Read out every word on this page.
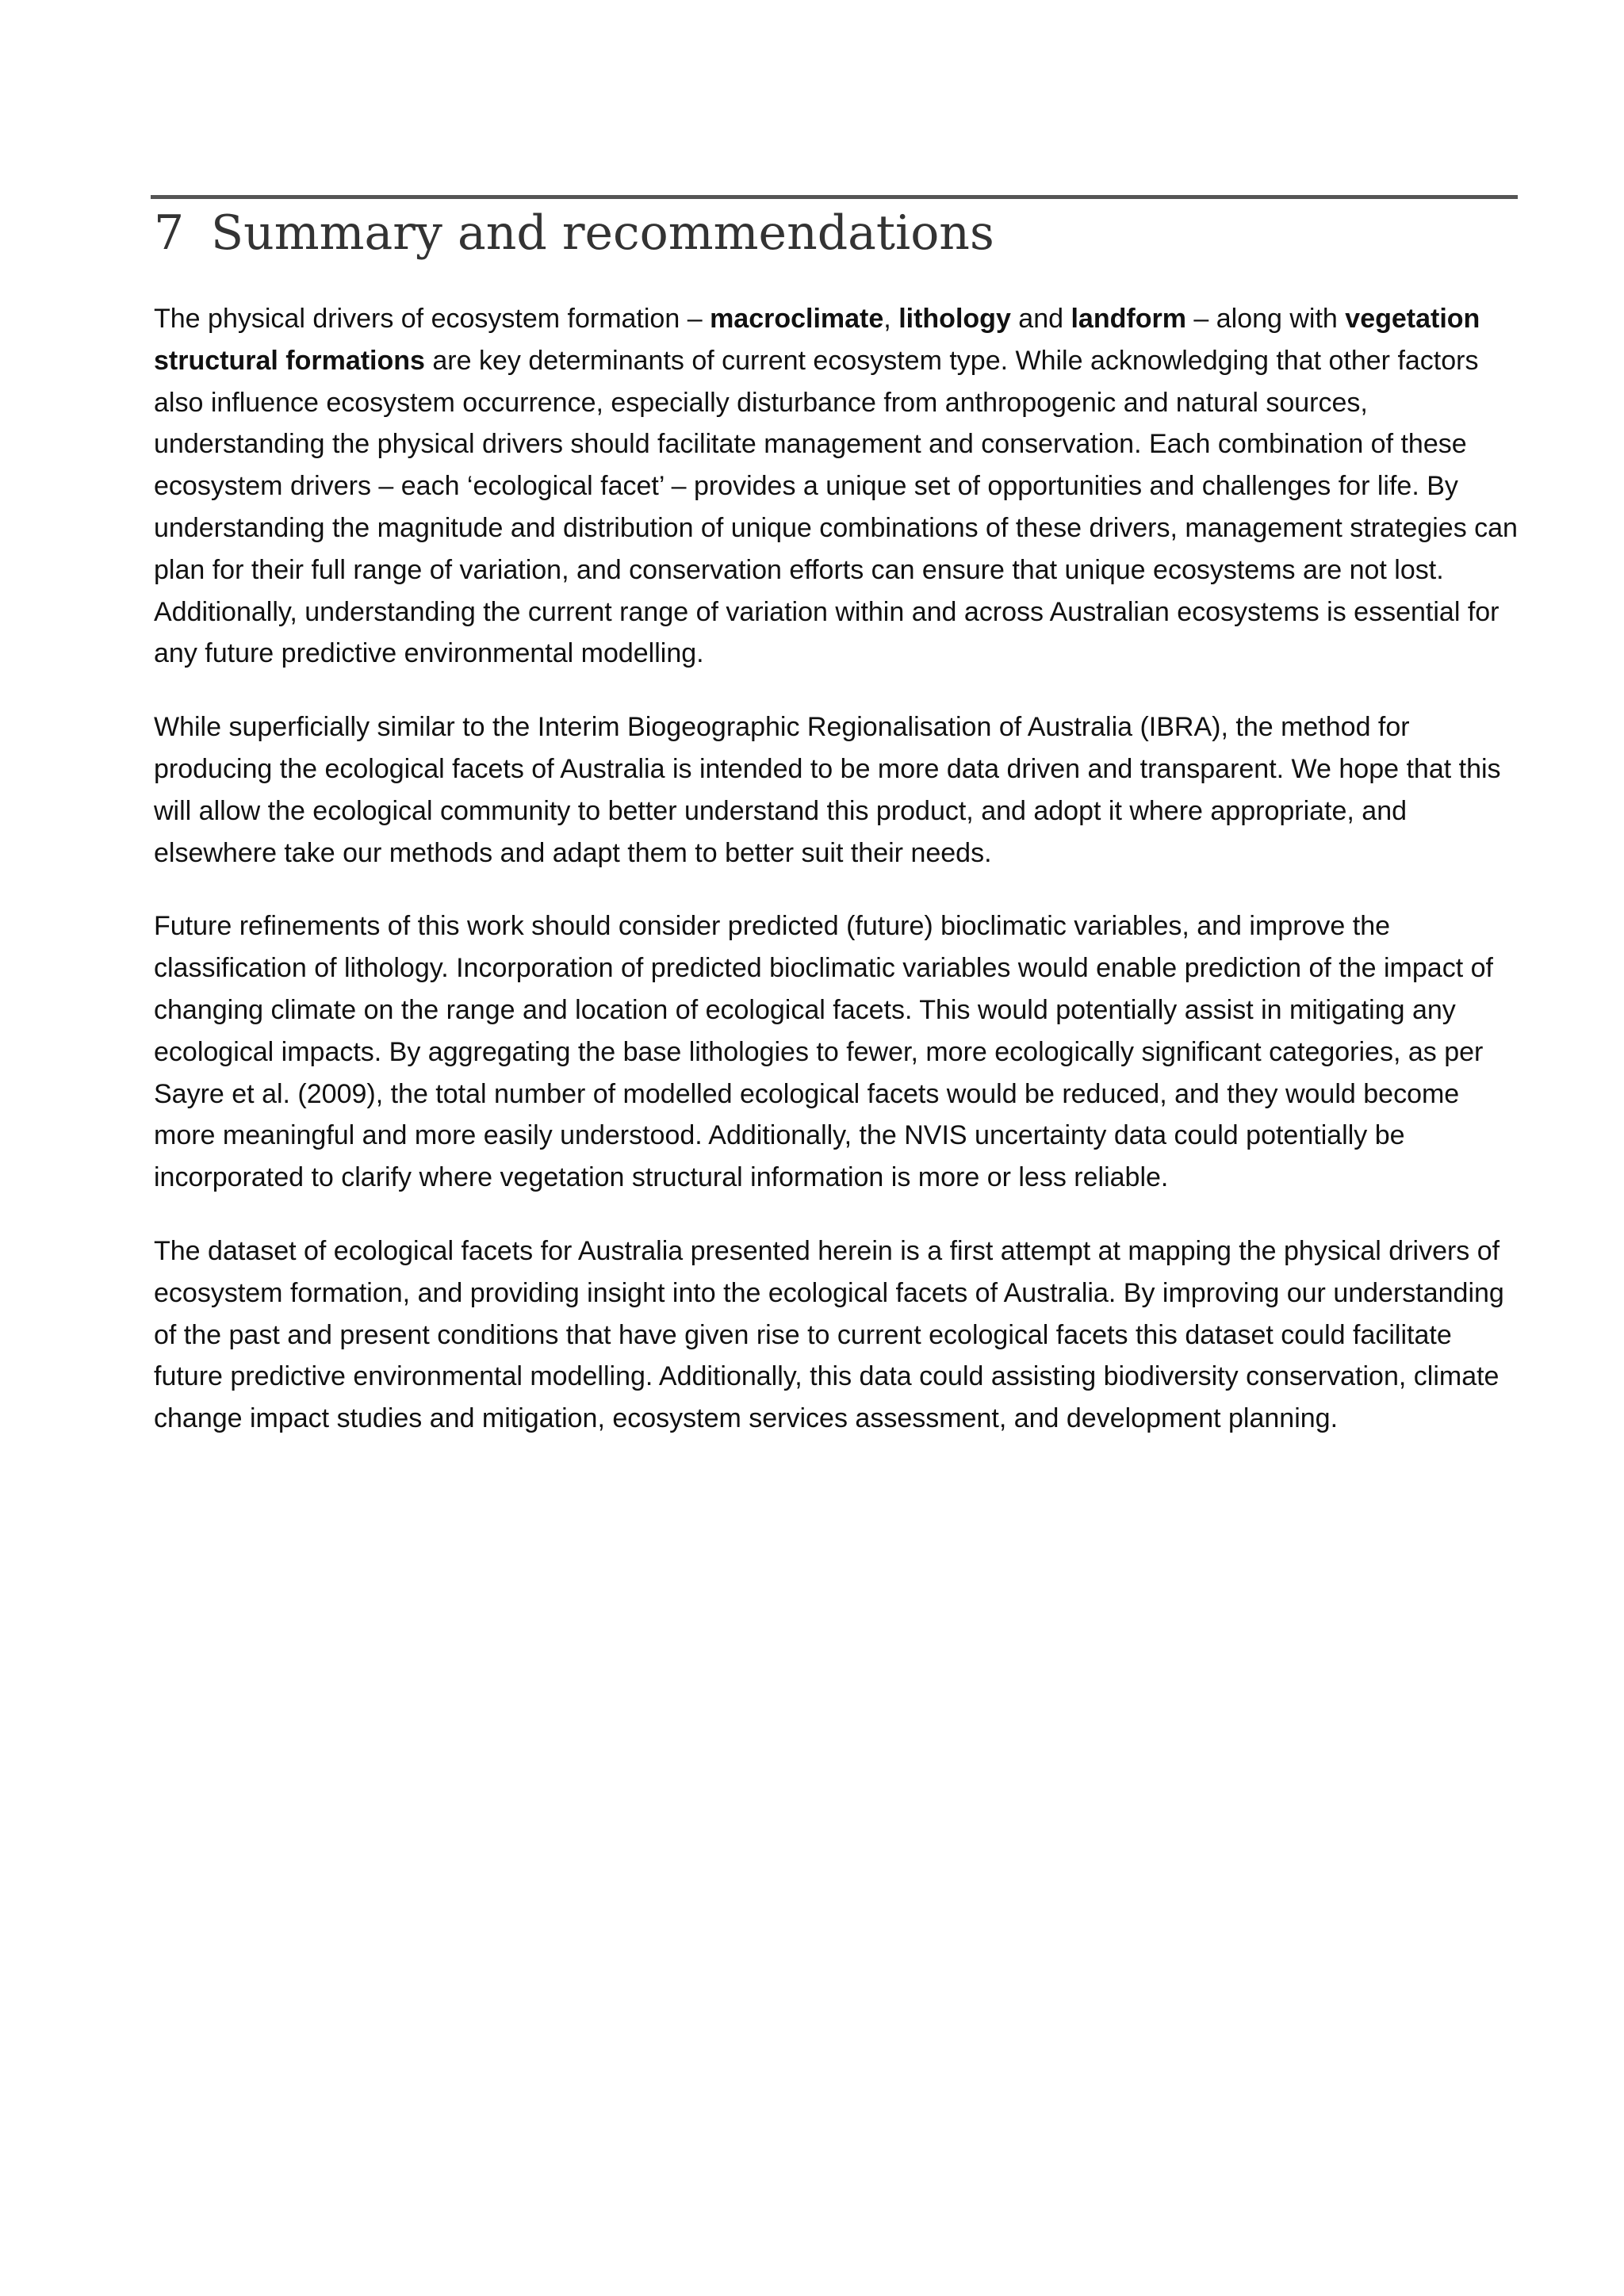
7 Summary and recommendations

The physical drivers of ecosystem formation – macroclimate, lithology and landform – along with vegetation structural formations are key determinants of current ecosystem type. While acknowledging that other factors also influence ecosystem occurrence, especially disturbance from anthropogenic and natural sources, understanding the physical drivers should facilitate management and conservation. Each combination of these ecosystem drivers – each ‘ecological facet’ – provides a unique set of opportunities and challenges for life. By understanding the magnitude and distribution of unique combinations of these drivers, management strategies can plan for their full range of variation, and conservation efforts can ensure that unique ecosystems are not lost. Additionally, understanding the current range of variation within and across Australian ecosystems is essential for any future predictive environmental modelling.

While superficially similar to the Interim Biogeographic Regionalisation of Australia (IBRA), the method for producing the ecological facets of Australia is intended to be more data driven and transparent. We hope that this will allow the ecological community to better understand this product, and adopt it where appropriate, and elsewhere take our methods and adapt them to better suit their needs.

Future refinements of this work should consider predicted (future) bioclimatic variables, and improve the classification of lithology. Incorporation of predicted bioclimatic variables would enable prediction of the impact of changing climate on the range and location of ecological facets. This would potentially assist in mitigating any ecological impacts. By aggregating the base lithologies to fewer, more ecologically significant categories, as per Sayre et al. (2009), the total number of modelled ecological facets would be reduced, and they would become more meaningful and more easily understood. Additionally, the NVIS uncertainty data could potentially be incorporated to clarify where vegetation structural information is more or less reliable.

The dataset of ecological facets for Australia presented herein is a first attempt at mapping the physical drivers of ecosystem formation, and providing insight into the ecological facets of Australia. By improving our understanding of the past and present conditions that have given rise to current ecological facets this dataset could facilitate future predictive environmental modelling. Additionally, this data could assisting biodiversity conservation, climate change impact studies and mitigation, ecosystem services assessment, and development planning.
